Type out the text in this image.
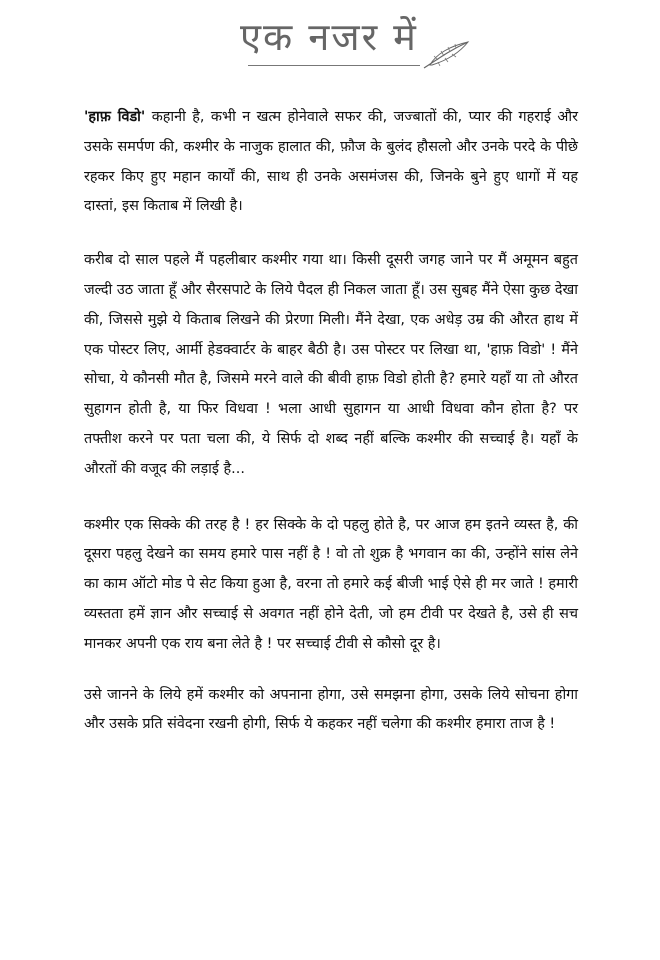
एक नजर में

'हाफ़ विडो' कहानी है, कभी न खत्म होनेवाले सफर की, जज्बातों की, प्यार की गहराई और उसके समर्पण की, कश्मीर के नाजुक हालात की, फ़ौज के बुलंद हौसलो और उनके परदे के पीछे रहकर किए हुए महान कार्यों की, साथ ही उनके असमंजस की, जिनके बुने हुए धागों में यह दास्तां, इस किताब में लिखी है।

करीब दो साल पहले मैं पहलीबार कश्मीर गया था। किसी दूसरी जगह जाने पर मैं अमूमन बहुत जल्दी उठ जाता हूँ और सैरसपाटे के लिये पैदल ही निकल जाता हूँ। उस सुबह मैंने ऐसा कुछ देखा की, जिससे मुझे ये किताब लिखने की प्रेरणा मिली। मैंने देखा, एक अधेड़ उम्र की औरत हाथ में एक पोस्टर लिए, आर्मी हेडक्वार्टर के बाहर बैठी है। उस पोस्टर पर लिखा था, 'हाफ़ विडो' ! मैंने सोचा, ये कौनसी मौत है, जिसमे मरने वाले की बीवी हाफ़ विडो होती है? हमारे यहाँ या तो औरत सुहागन होती है, या फिर विधवा ! भला आधी सुहागन या आधी विधवा कौन होता है? पर तफ्तीश करने पर पता चला की, ये सिर्फ दो शब्द नहीं बल्कि कश्मीर की सच्चाई है। यहाँ के औरतों की वजूद की लड़ाई है...

कश्मीर एक सिक्के की तरह है ! हर सिक्के के दो पहलु होते है, पर आज हम इतने व्यस्त है, की दूसरा पहलु देखने का समय हमारे पास नहीं है ! वो तो शुक्र है भगवान का की, उन्होंने सांस लेने का काम ऑटो मोड पे सेट किया हुआ है, वरना तो हमारे कई बीजी भाई ऐसे ही मर जाते ! हमारी व्यस्तता हमें ज्ञान और सच्चाई से अवगत नहीं होने देती, जो हम टीवी पर देखते है, उसे ही सच मानकर अपनी एक राय बना लेते है ! पर सच्चाई टीवी से कौसो दूर है।

उसे जानने के लिये हमें कश्मीर को अपनाना होगा, उसे समझना होगा, उसके लिये सोचना होगा और उसके प्रति संवेदना रखनी होगी, सिर्फ ये कहकर नहीं चलेगा की कश्मीर हमारा ताज है !
